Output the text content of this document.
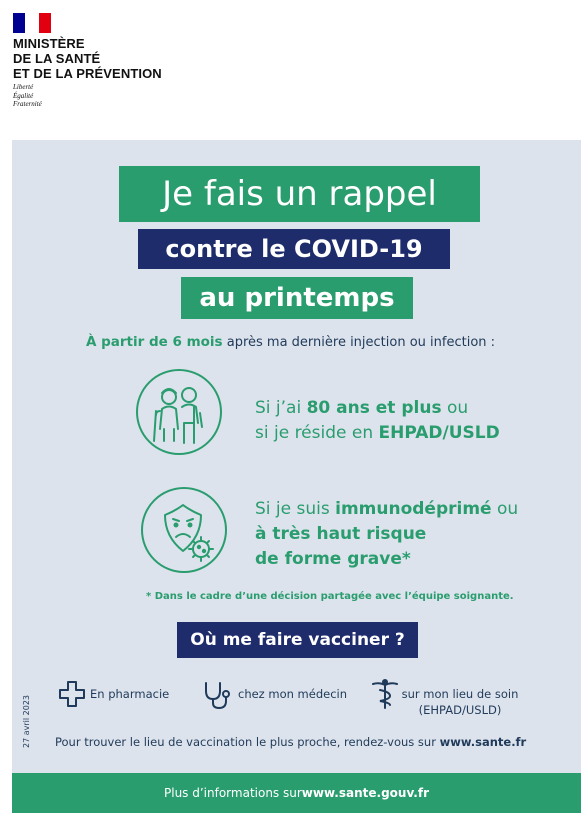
MINISTÈRE
DE LA SANTÉ
ET DE LA PRÉVENTION
Liberté
Égalité
Fraternité
Je fais un rappel
contre le COVID-19
au printemps
À partir de 6 mois après ma dernière injection ou infection :
Si j’ai 80 ans et plus ou
si je réside en EHPAD/USLD
Si je suis immunodéprimé ou
à très haut risque
de forme grave*
* Dans le cadre d’une décision partagée avec l’équipe soignante.
Où me faire vacciner ?
27 avril 2023
En pharmacie	chez mon médecin	sur mon lieu de soin
(EHPAD/USLD)
Pour trouver le lieu de vaccination le plus proche, rendez-vous sur www.sante.fr
Plus d’informations sur www.sante.gouv.fr
